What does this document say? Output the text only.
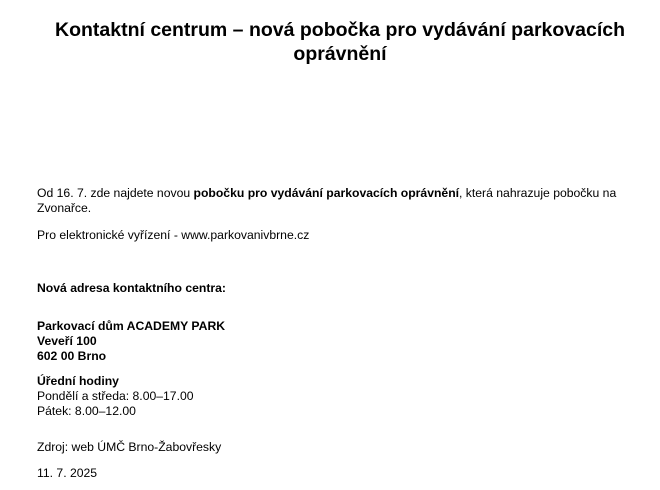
Kontaktní centrum – nová pobočka pro vydávání parkovacích oprávnění

Od 16. 7. zde najdete novou pobočku pro vydávání parkovacích oprávnění, která nahrazuje pobočku na Zvonařce.

Pro elektronické vyřízení - www.parkovanivbrne.cz

Nová adresa kontaktního centra:

Parkovací dům ACADEMY PARK
Veveří 100
602 00 Brno

Úřední hodiny

Pondělí a středa: 8.00–17.00
Pátek: 8.00–12.00

Zdroj: web ÚMČ Brno-Žabovřesky

11. 7. 2025
